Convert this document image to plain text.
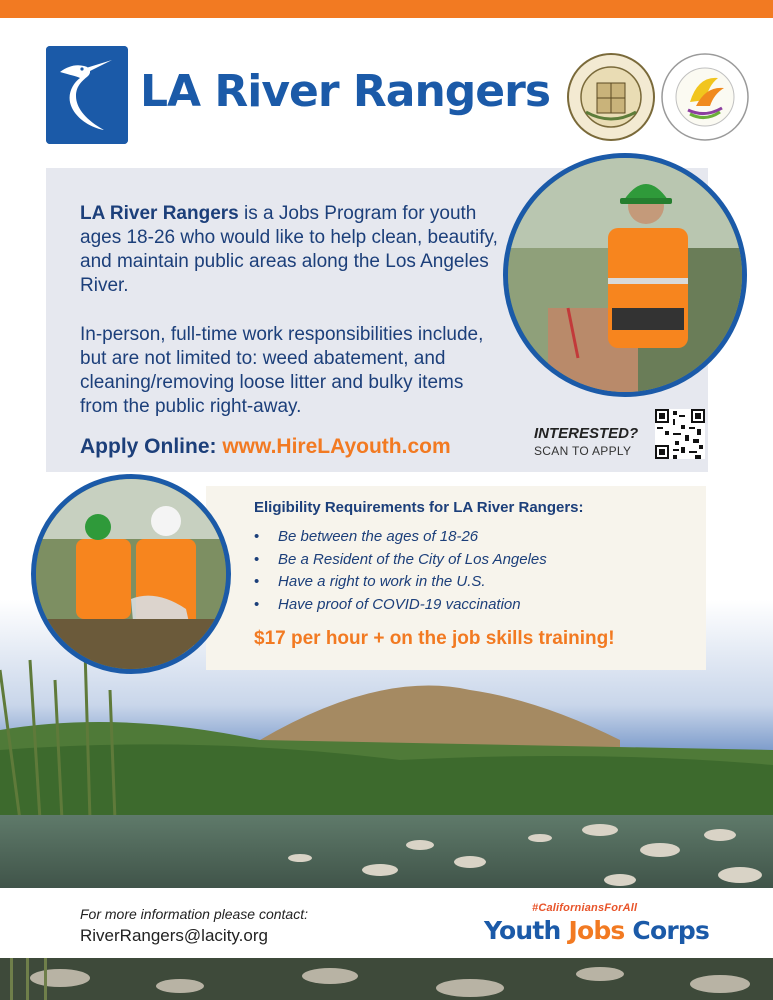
LA River Rangers
LA River Rangers is a Jobs Program for youth ages 18-26 who would like to help clean, beautify, and maintain public areas along the Los Angeles River.
In-person, full-time work responsibilities include, but are not limited to: weed abatement, and cleaning/removing loose litter and bulky items from the public right-away.
Apply Online: www.HireLAyouth.com
INTERESTED?
SCAN TO APPLY
Eligibility Requirements for LA River Rangers:
• Be between the ages of 18-26
• Be a Resident of the City of Los Angeles
• Have a right to work in the U.S.
• Have proof of COVID-19 vaccination
$17 per hour + on the job skills training!
For more information please contact:
RiverRangers@lacity.org
#CaliforniansForAll
Youth Jobs Corps
